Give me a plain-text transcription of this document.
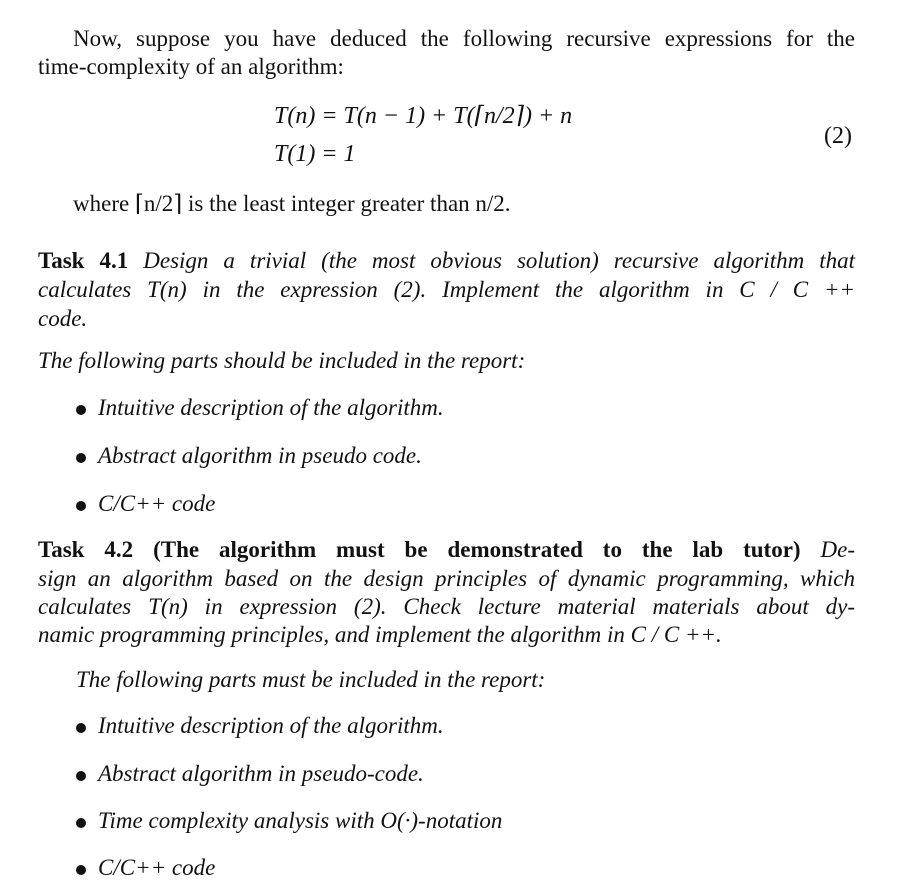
Now, suppose you have deduced the following recursive expressions for the
time-complexity of an algorithm:
T(n) = T(n − 1) + T(⌈n/2⌉) + n
T(1) = 1
(2)
where ⌈n/2⌉ is the least integer greater than n/2.
Task 4.1 Design a trivial (the most obvious solution) recursive algorithm that
calculates T(n) in the expression (2). Implement the algorithm in C / C ++
code.
The following parts should be included in the report:
Intuitive description of the algorithm.
Abstract algorithm in pseudo code.
C/C++ code
Task 4.2 (The algorithm must be demonstrated to the lab tutor) De-
sign an algorithm based on the design principles of dynamic programming, which
calculates T(n) in expression (2). Check lecture material materials about dy-
namic programming principles, and implement the algorithm in C / C ++.
The following parts must be included in the report:
Intuitive description of the algorithm.
Abstract algorithm in pseudo-code.
Time complexity analysis with O(·)-notation
C/C++ code
